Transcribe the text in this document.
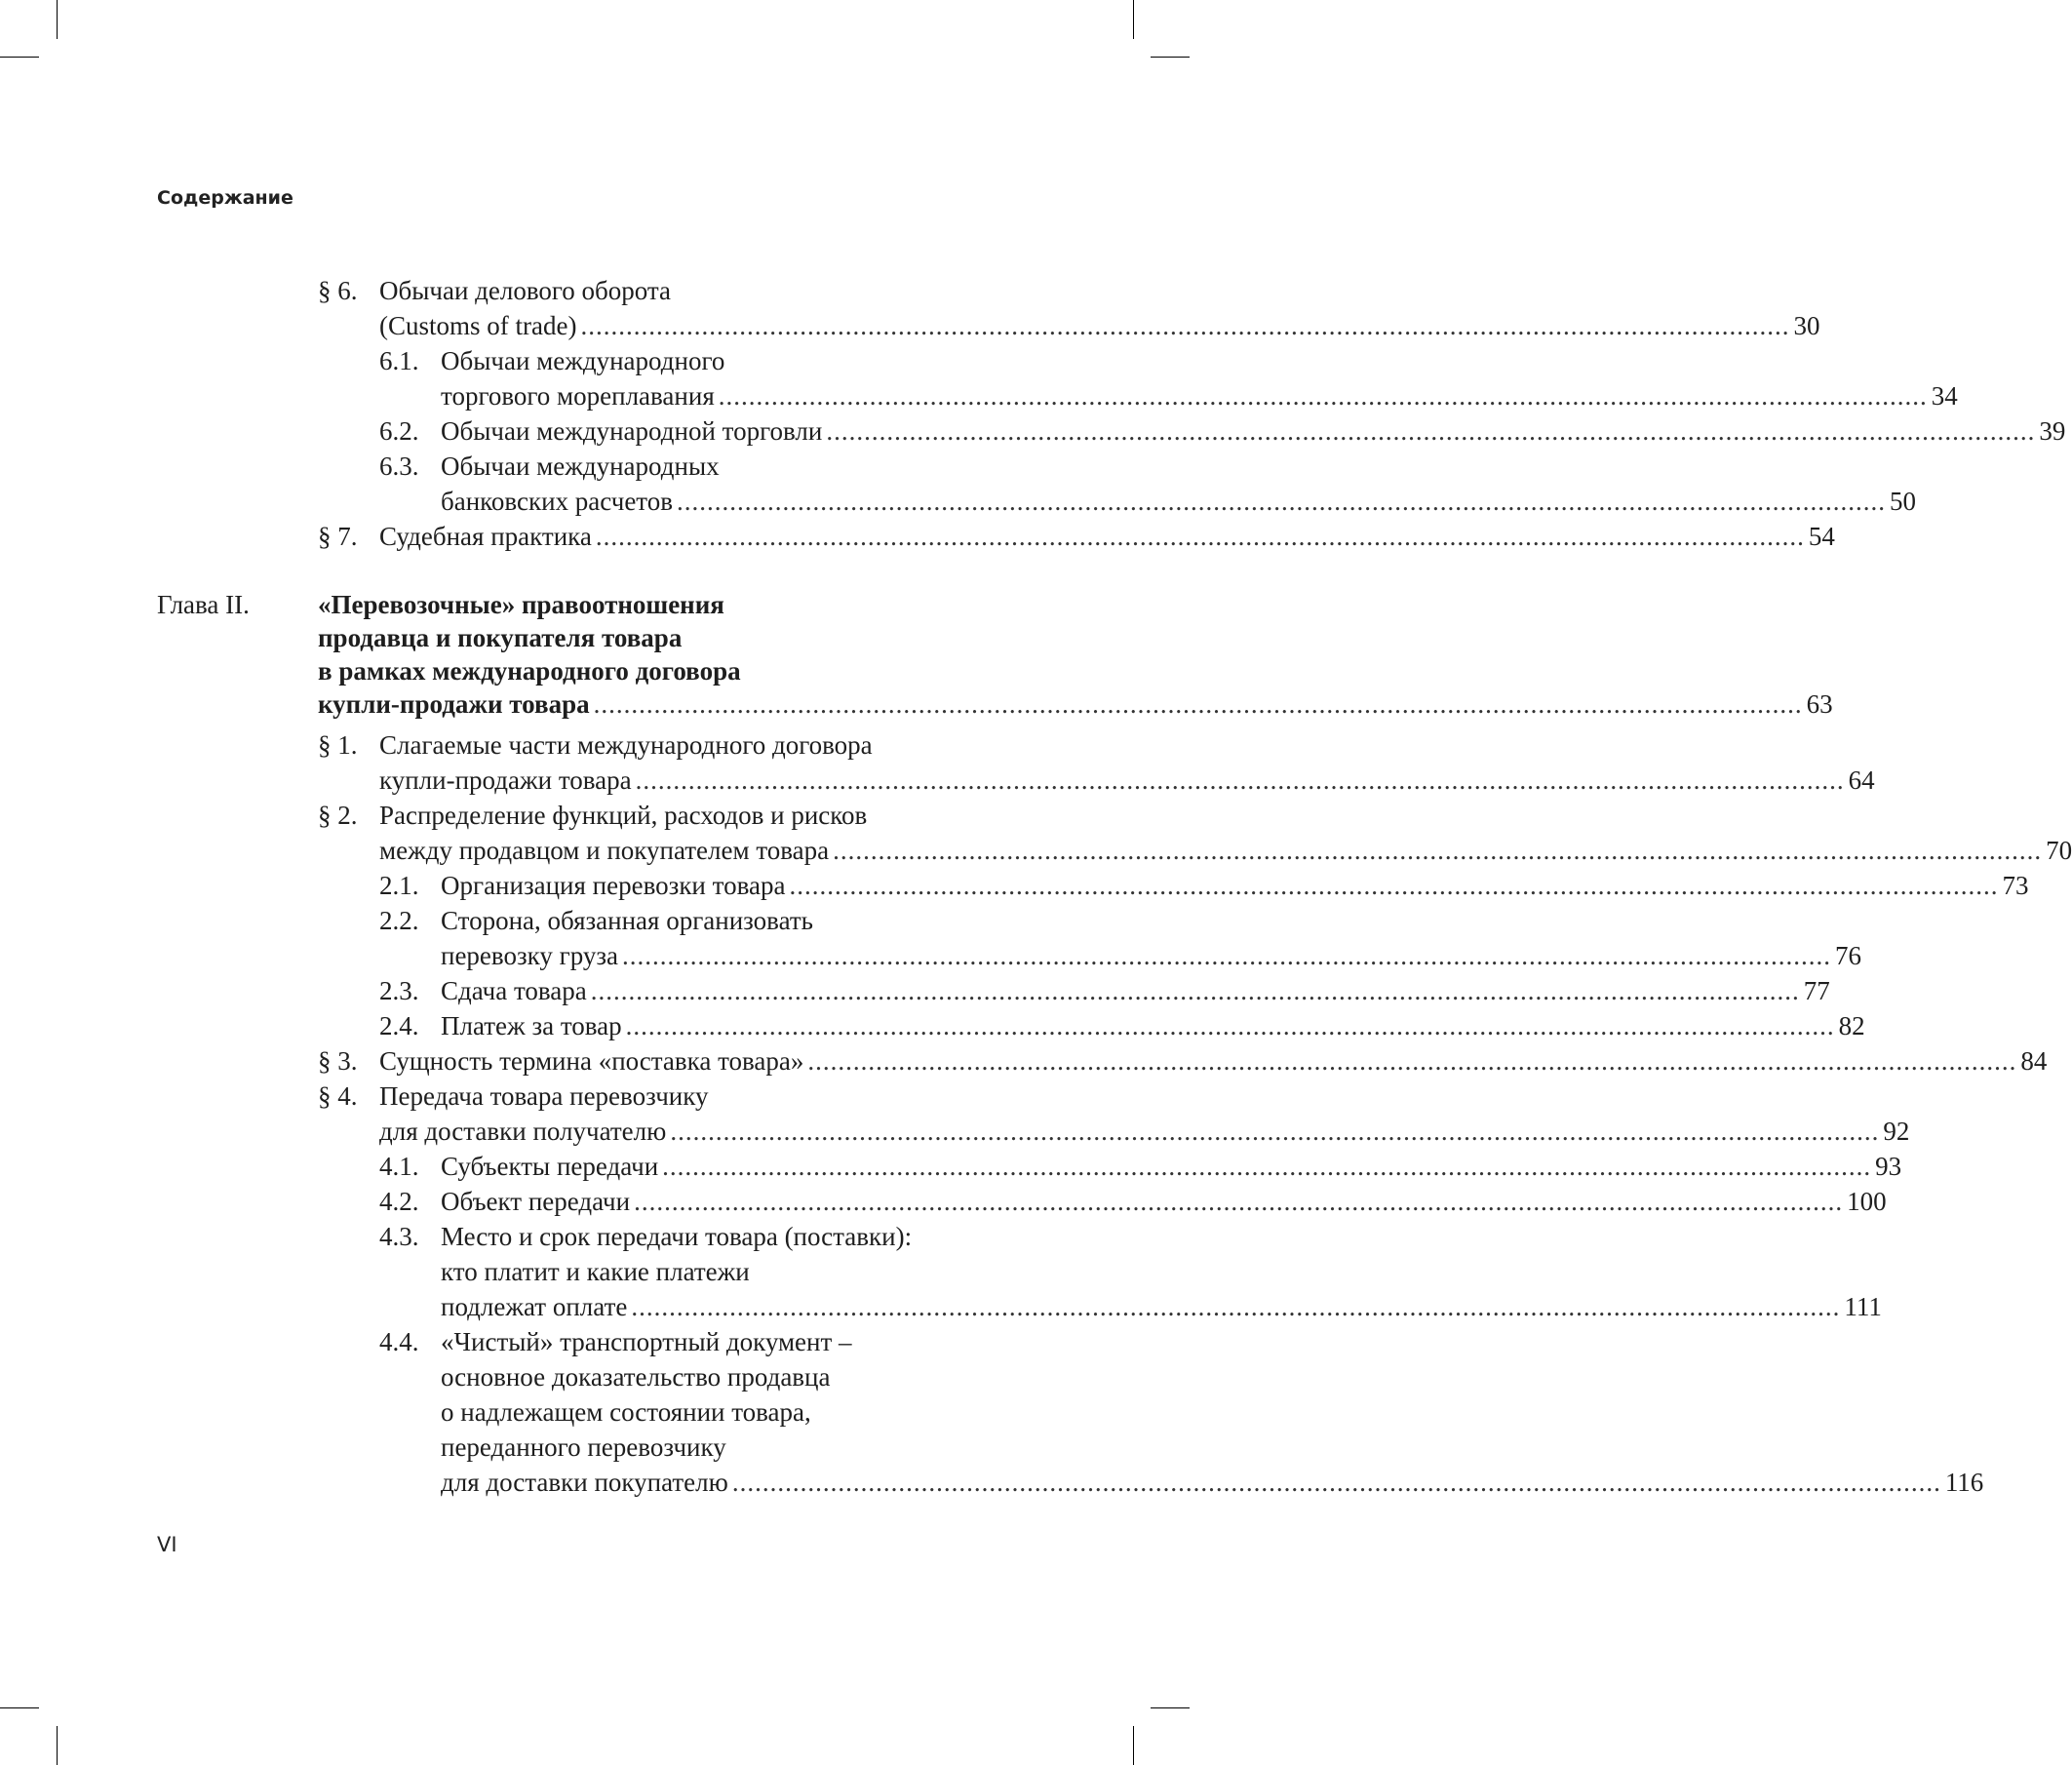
Содержание
§ 6. Обычаи делового оборота
(Customs of trade) ................................................................................................................................................................ 30
6.1. Обычаи международного
торгового мореплавания ................................................................................................................................................................ 34
6.2. Обычаи международной торговли ................................................................................................................................................................ 39
6.3. Обычаи международных
банковских расчетов ................................................................................................................................................................ 50
§ 7. Судебная практика ................................................................................................................................................................ 54
Глава II.	«Перевозочные» правоотношения
продавца и покупателя товара
в рамках международного договора
купли-продажи товара ................................................................................................................................................................ 63
§ 1. Слагаемые части международного договора
купли-продажи товара ................................................................................................................................................................ 64
§ 2. Распределение функций, расходов и рисков
между продавцом и покупателем товара ................................................................................................................................................................ 70
2.1. Организация перевозки товара ................................................................................................................................................................ 73
2.2. Сторона, обязанная организовать
перевозку груза ................................................................................................................................................................ 76
2.3. Сдача товара ................................................................................................................................................................ 77
2.4. Платеж за товар ................................................................................................................................................................ 82
§ 3. Сущность термина «поставка товара» ................................................................................................................................................................ 84
§ 4. Передача товара перевозчику
для доставки получателю ................................................................................................................................................................ 92
4.1. Субъекты передачи ................................................................................................................................................................ 93
4.2. Объект передачи ................................................................................................................................................................ 100
4.3. Место и срок передачи товара (поставки):
кто платит и какие платежи
подлежат оплате ................................................................................................................................................................ 111
4.4. «Чистый» транспортный документ –
основное доказательство продавца
о надлежащем состоянии товара,
переданного перевозчику
для доставки покупателю ................................................................................................................................................................ 116
VI
